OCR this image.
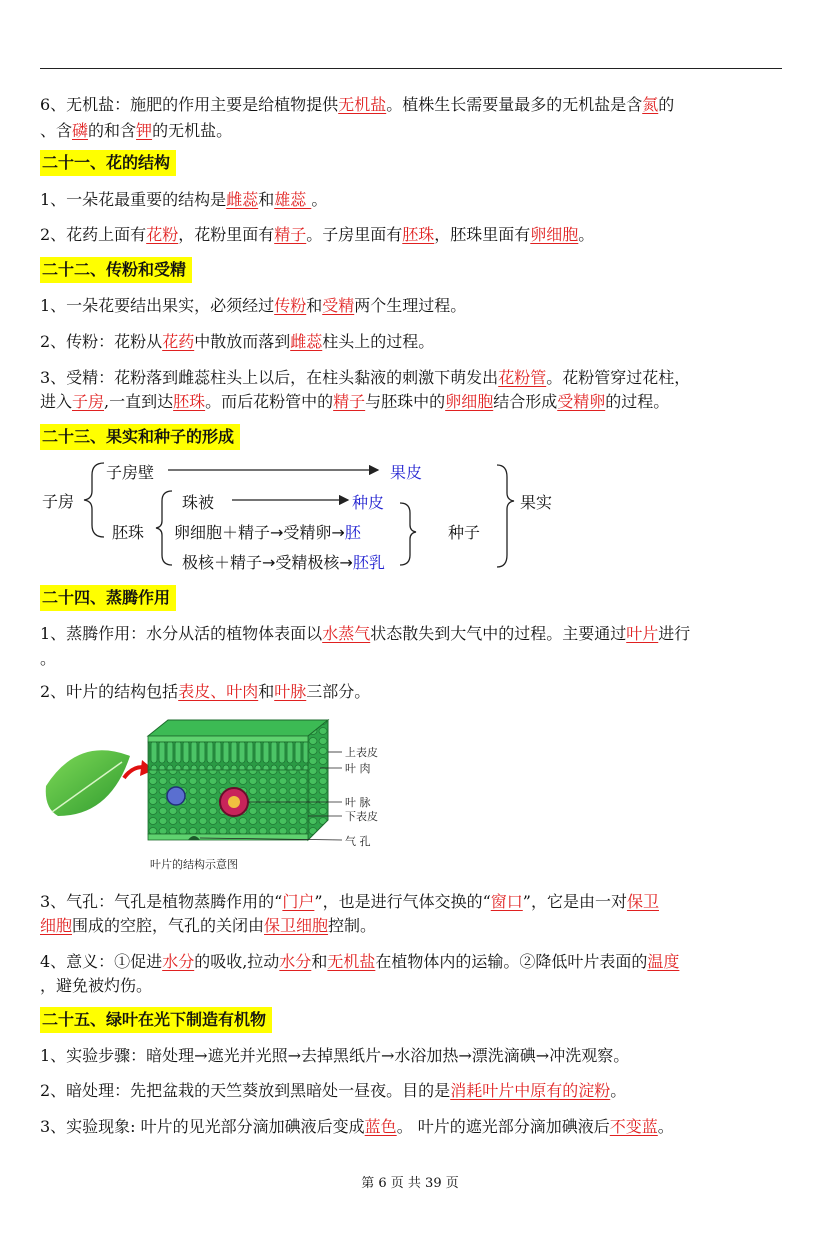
6、无机盐：施肥的作用主要是给植物提供无机盐。植株生长需要量最多的无机盐是含氮的
、含磷的和含钾的无机盐。
二十一、花的结构
1、一朵花最重要的结构是雌蕊和雄蕊 。
2、花药上面有花粉，花粉里面有精子。子房里面有胚珠，胚珠里面有卵细胞。
二十二、传粉和受精
1、一朵花要结出果实，必须经过传粉和受精两个生理过程。
2、传粉：花粉从花药中散放而落到雌蕊柱头上的过程。
3、受精：花粉落到雌蕊柱头上以后，在柱头黏液的刺激下萌发出花粉管。花粉管穿过花柱，
进入子房,一直到达胚珠。而后花粉管中的精子与胚珠中的卵细胞结合形成受精卵的过程。
二十三、果实和种子的形成
子房
子房壁	果皮
胚珠
珠被	种皮
卵细胞＋精子→受精卵→胚
极核＋精子→受精极核→胚乳
种子
果实
二十四、蒸腾作用
1、蒸腾作用：水分从活的植物体表面以水蒸气状态散失到大气中的过程。主要通过叶片进行
。
2、叶片的结构包括表皮、叶肉和叶脉三部分。
上表皮
叶 肉
叶 脉
下表皮
气 孔
叶片的结构示意图
3、气孔：气孔是植物蒸腾作用的“门户”，也是进行气体交换的“窗口”，它是由一对保卫
细胞围成的空腔，气孔的关闭由保卫细胞控制。
4、意义：①促进水分的吸收,拉动水分和无机盐在植物体内的运输。②降低叶片表面的温度
，避免被灼伤。
二十五、绿叶在光下制造有机物
1、实验步骤：暗处理→遮光并光照→去掉黑纸片→水浴加热→漂洗滴碘→冲洗观察。
2、暗处理：先把盆栽的天竺葵放到黑暗处一昼夜。目的是消耗叶片中原有的淀粉。
3、实验现象: 叶片的见光部分滴加碘液后变成蓝色。 叶片的遮光部分滴加碘液后不变蓝。
第 6 页 共 39 页
